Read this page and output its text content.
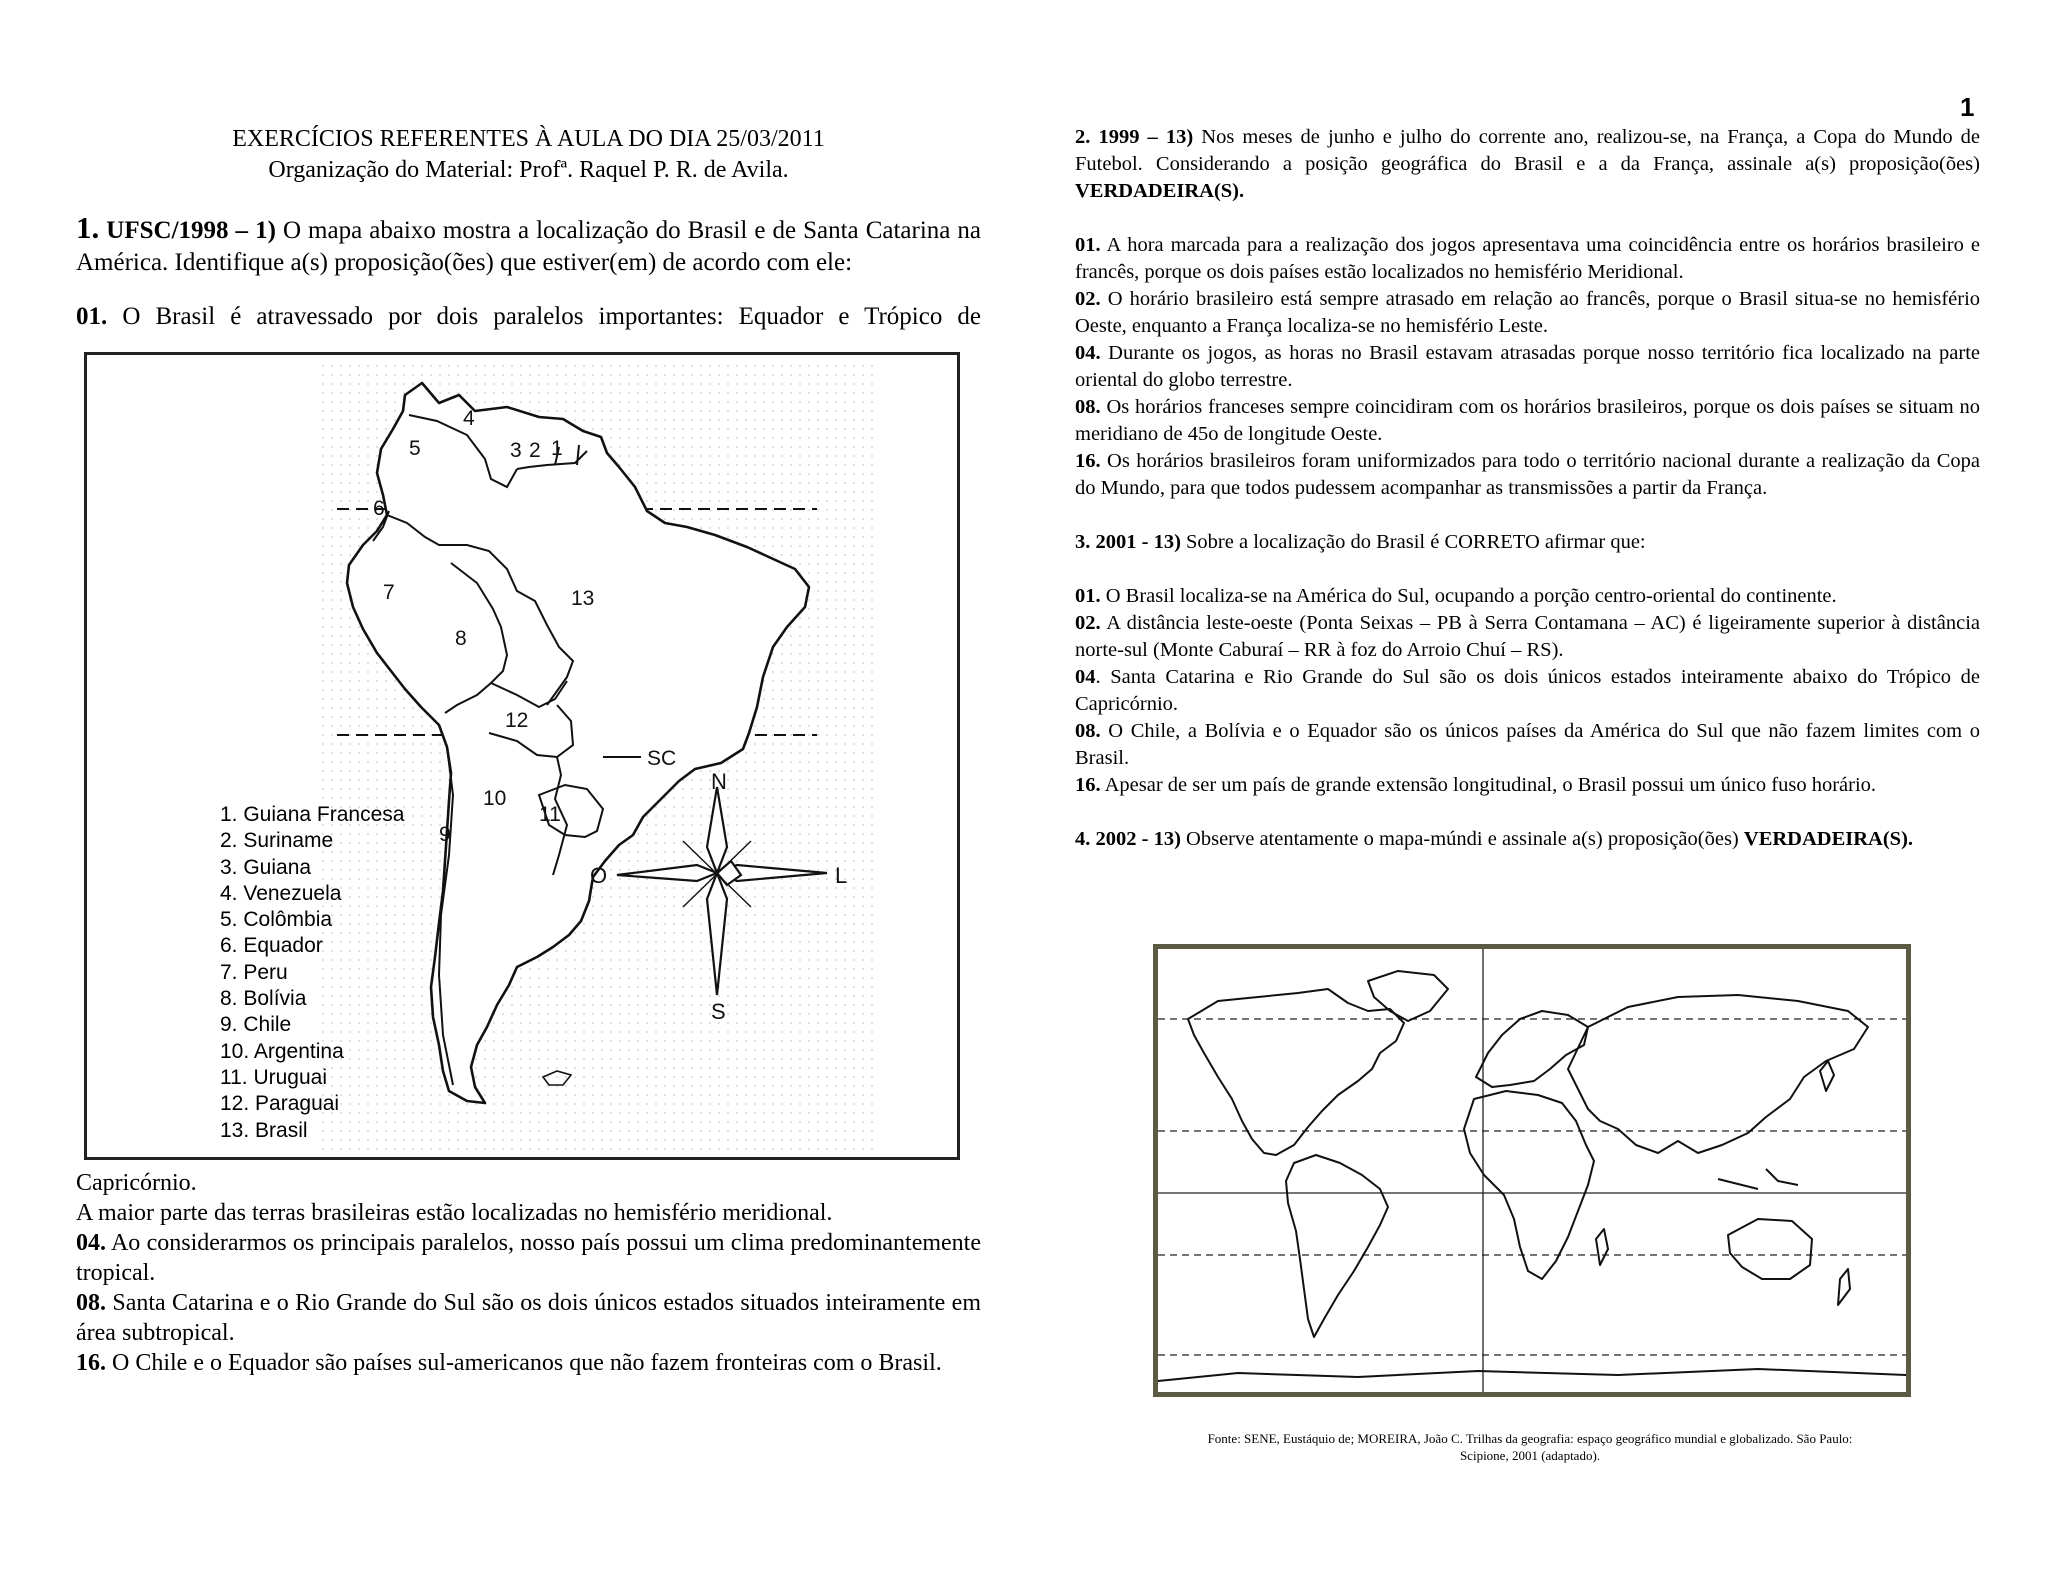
1
EXERCÍCIOS REFERENTES À AULA DO DIA 25/03/2011
Organização do Material: Profª. Raquel P. R. de Avila.
1. UFSC/1998 – 1) O mapa abaixo mostra a localização do Brasil e de Santa Catarina na América. Identifique a(s) proposição(ões) que estiver(em) de acordo com ele:
01. O Brasil é atravessado por dois paralelos importantes: Equador e Trópico de
1
2
3
4
5
6
7
8
9
10
11
12
13
SC
N
S
O	L
1. Guiana Francesa
2. Suriname
3. Guiana
4. Venezuela
5. Colômbia
6. Equador
7. Peru
8. Bolívia
9. Chile
10. Argentina
11. Uruguai
12. Paraguai
13. Brasil
Capricórnio.
A maior parte das terras brasileiras estão localizadas no hemisfério meridional.
04. Ao considerarmos os principais paralelos, nosso país possui um clima predominantemente tropical.
08. Santa Catarina e o Rio Grande do Sul são os dois únicos estados situados inteiramente em área subtropical.
16. O Chile e o Equador são países sul-americanos que não fazem fronteiras com o Brasil.

2. 1999 – 13) Nos meses de junho e julho do corrente ano, realizou-se, na França, a Copa do Mundo de Futebol. Considerando a posição geográfica do Brasil e a da França, assinale a(s) proposição(ões) VERDADEIRA(S).

01. A hora marcada para a realização dos jogos apresentava uma coincidência entre os horários brasileiro e francês, porque os dois países estão localizados no hemisfério Meridional.

02. O horário brasileiro está sempre atrasado em relação ao francês, porque o Brasil situa-se no hemisfério Oeste, enquanto a França localiza-se no hemisfério Leste.

04. Durante os jogos, as horas no Brasil estavam atrasadas porque nosso território fica localizado na parte oriental do globo terrestre.

08. Os horários franceses sempre coincidiram com os horários brasileiros, porque os dois países se situam no meridiano de 45o de longitude Oeste.

16. Os horários brasileiros foram uniformizados para todo o território nacional durante a realização da Copa do Mundo, para que todos pudessem acompanhar as transmissões a partir da França.

3. 2001 - 13) Sobre a localização do Brasil é CORRETO afirmar que:

01. O Brasil localiza-se na América do Sul, ocupando a porção centro-oriental do continente.

02. A distância leste-oeste (Ponta Seixas – PB à Serra Contamana – AC) é ligeiramente superior à distância norte-sul (Monte Caburaí – RR à foz do Arroio Chuí – RS).

04. Santa Catarina e Rio Grande do Sul são os dois únicos estados inteiramente abaixo do Trópico de Capricórnio.

08. O Chile, a Bolívia e o Equador são os únicos países da América do Sul que não fazem limites com o Brasil.

16. Apesar de ser um país de grande extensão longitudinal, o Brasil possui um único fuso horário.

4. 2002 - 13) Observe atentamente o mapa-múndi e assinale a(s) proposição(ões) VERDADEIRA(S).

Fonte: SENE, Eustáquio de; MOREIRA, João C. Trilhas da geografia: espaço geográfico mundial e globalizado. São Paulo:
Scipione, 2001 (adaptado).
